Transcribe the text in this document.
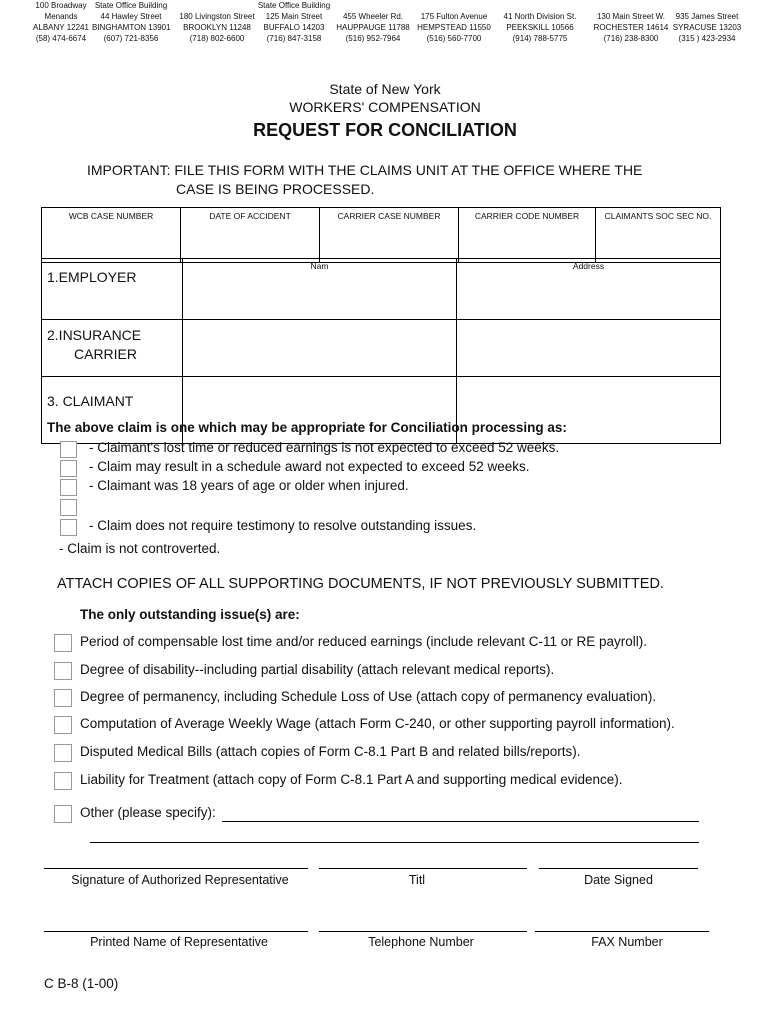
100 Broadway
Menands
ALBANY 12241
(58) 474-6674
State Office Building
44 Hawley Street
BINGHAMTON 13901
(607) 721-8356

180 Livingston Street
BROOKLYN 11248
(718) 802-6600
State Office Building
125 Main Street
BUFFALO 14203
(716) 847-3158

455 Wheeler Rd.
HAUPPAUGE 11788
(516) 952-7964

175 Fulton Avenue
HEMPSTEAD 11550
(516) 560-7700

41 North Division St.
PEEKSKILL 10566
(914) 788-5775

130 Main Street W.
ROCHESTER 14614
(716) 238-8300

935 James Street
SYRACUSE 13203
(315 ) 423-2934
State of New York
WORKERS' COMPENSATION
REQUEST FOR CONCILIATION
IMPORTANT: FILE THIS FORM WITH THE CLAIMS UNIT AT THE OFFICE WHERE THE
CASE IS BEING PROCESSED.
WCB CASE NUMBER	DATE OF ACCIDENT	CARRIER CASE NUMBER	CARRIER CODE NUMBER	CLAIMANTS SOC SEC NO.
1.EMPLOYER	Nam	Address

2.INSURANCE
CARRIER		

3. CLAIMANT		
The above claim is one which may be appropriate for Conciliation processing as:
- Claimant's lost time or reduced earnings is not expected to exceed 52 weeks.
- Claim may result in a schedule award not expected to exceed 52 weeks.
- Claimant was 18 years of age or older when injured.
- Claim does not require testimony to resolve outstanding issues.
- Claim is not controverted.
ATTACH COPIES OF ALL SUPPORTING DOCUMENTS, IF NOT PREVIOUSLY SUBMITTED.
The only outstanding issue(s) are:
Period of compensable lost time and/or reduced earnings (include relevant C-11 or RE payroll).
Degree of disability--including partial disability (attach relevant medical reports).
Degree of permanency, including Schedule Loss of Use (attach copy of permanency evaluation).
Computation of Average Weekly Wage (attach Form C-240, or other supporting payroll information).
Disputed Medical Bills (attach copies of Form C-8.1 Part B and related bills/reports).
Liability for Treatment (attach copy of Form C-8.1 Part A and supporting medical evidence).
Other (please specify):
Signature of Authorized Representative	Titl	Date Signed
Printed Name of Representative	Telephone Number	FAX Number
C B-8 (1-00)
